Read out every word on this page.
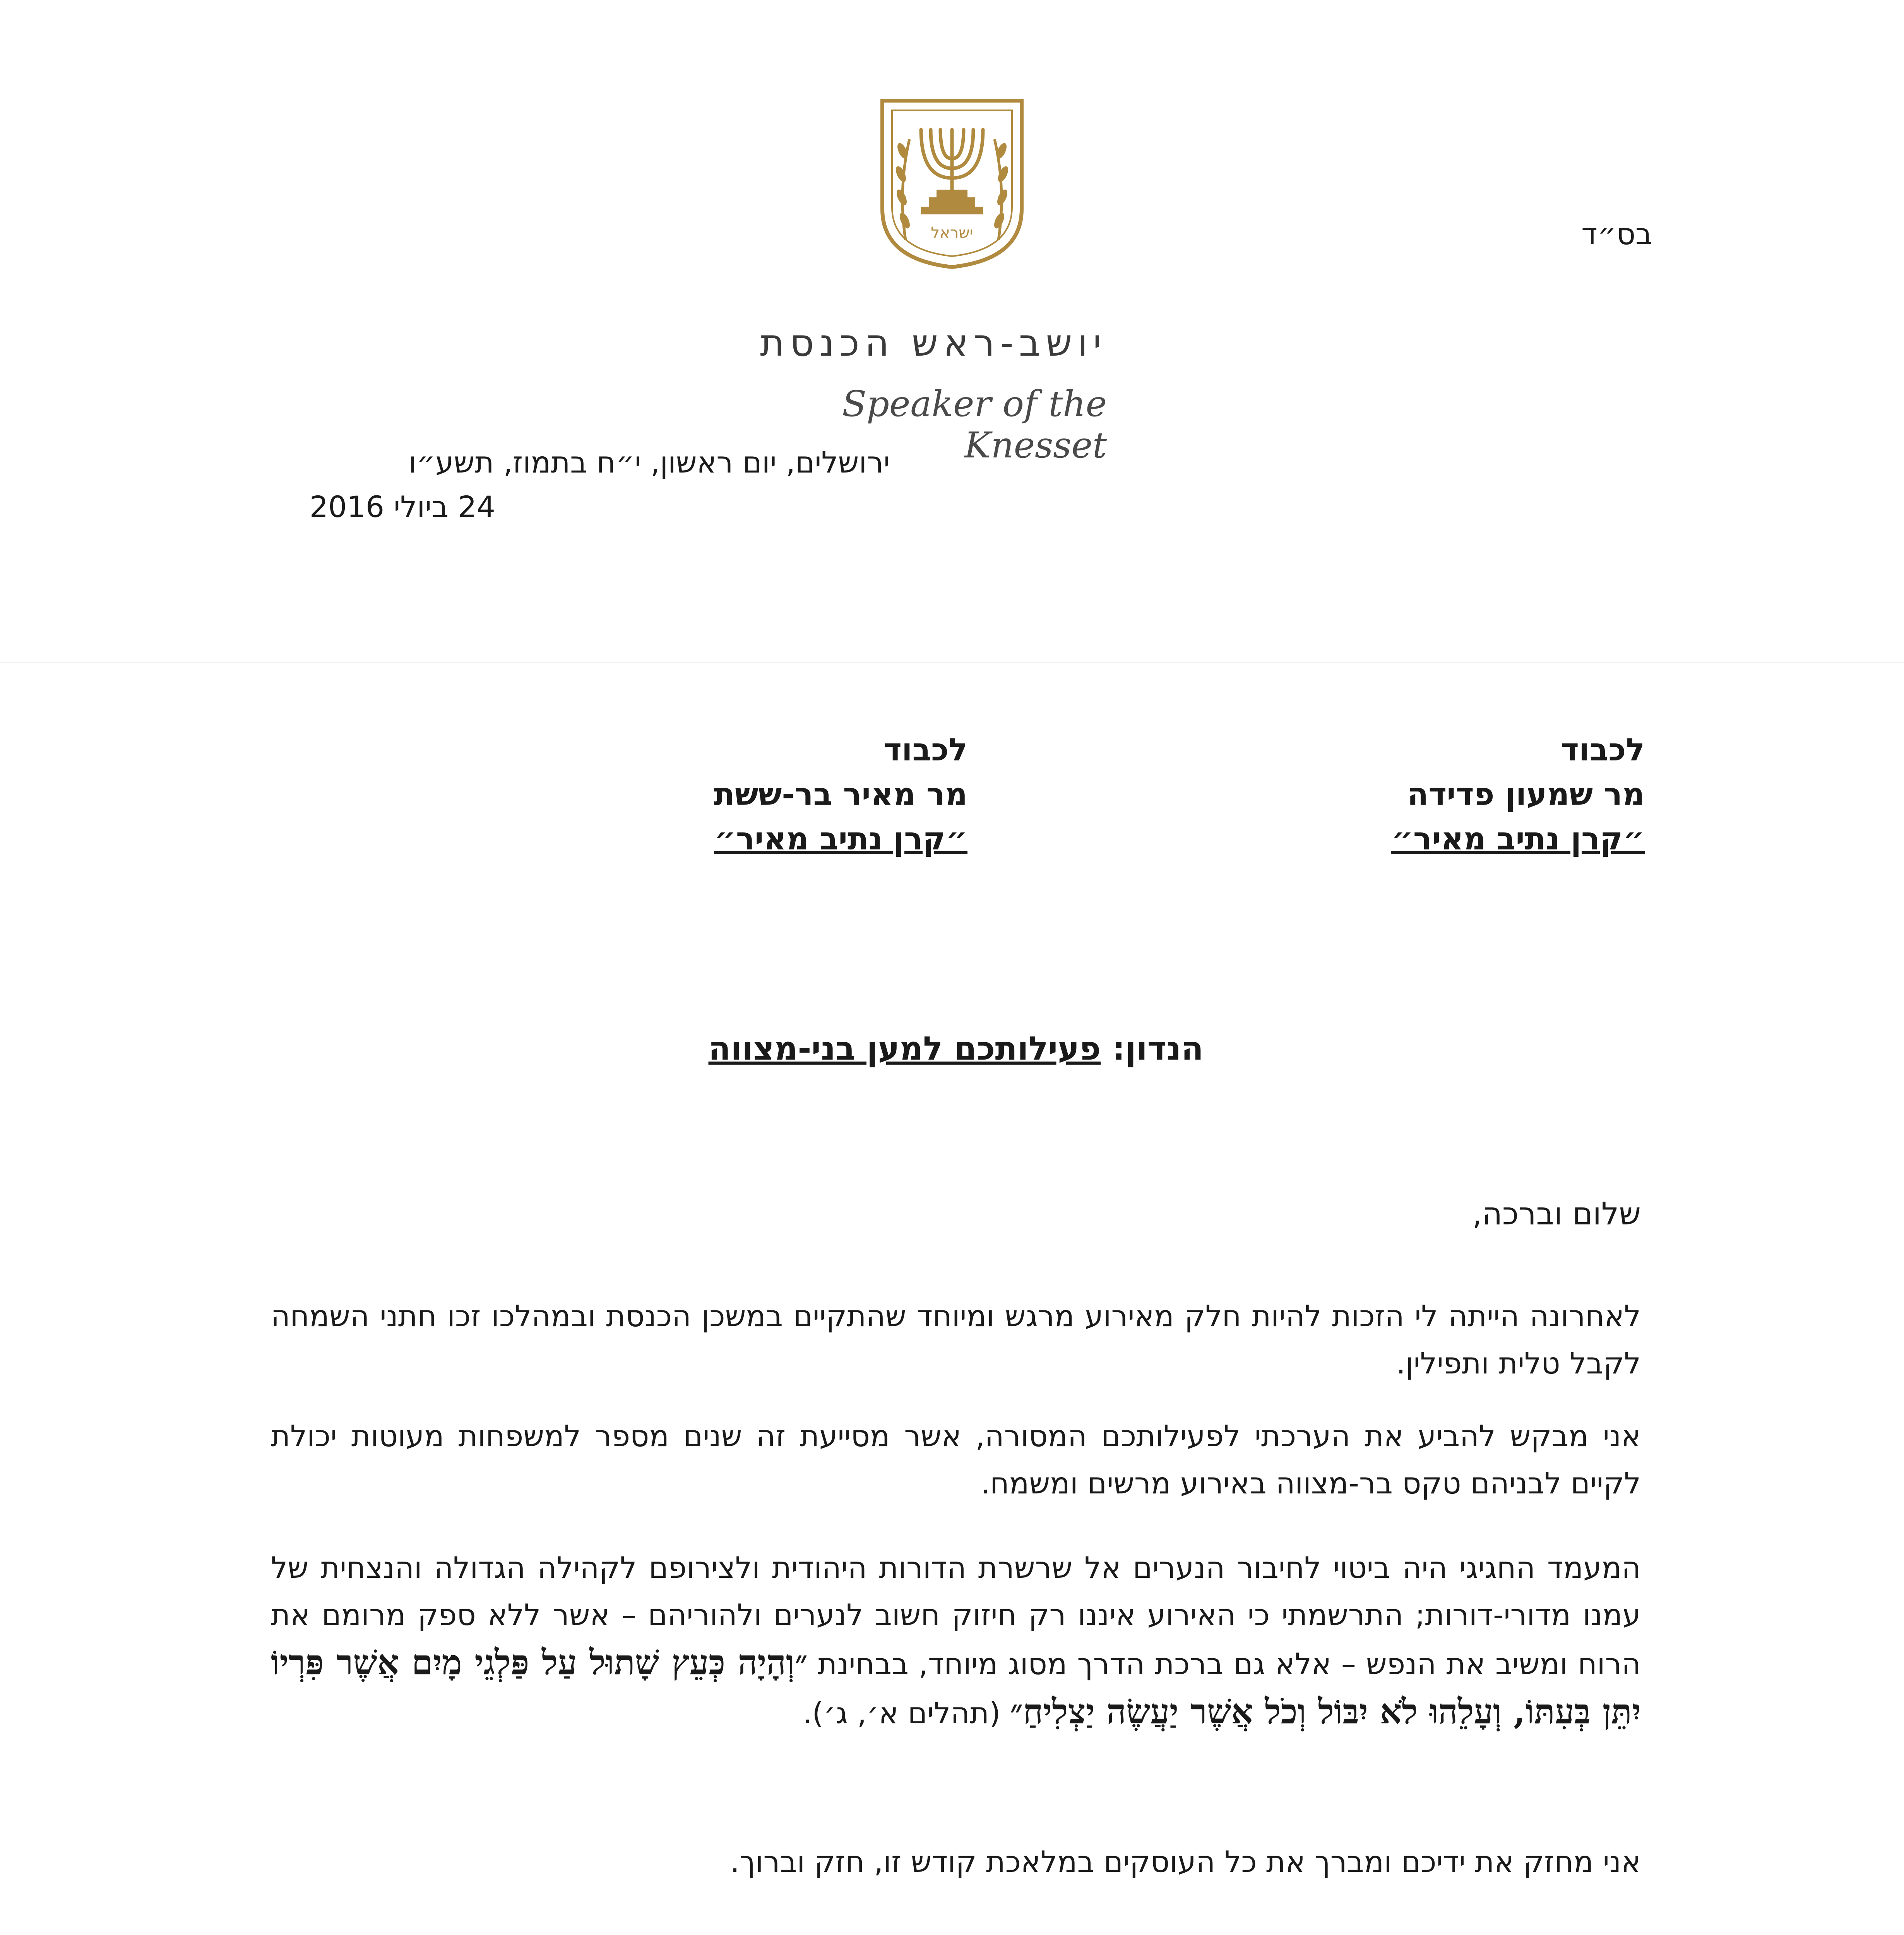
ישראל	בס״ד
יושב-ראש הכנסת
Speaker of the Knesset
ירושלים, יום ראשון, י״ח בתמוז, תשע״ו
24 ביולי 2016
לכבוד
מר שמעון פדידה
״קרן נתיב מאיר״
לכבוד
מר מאיר בר-ששת
״קרן נתיב מאיר״
הנדון: פעילותכם למען בני-מצווה
שלום וברכה,
לאחרונה הייתה לי הזכות להיות חלק מאירוע מרגש ומיוחד שהתקיים במשכן הכנסת ובמהלכו זכו חתני השמחה לקבל טלית ותפילין.
אני מבקש להביע את הערכתי לפעילותכם המסורה, אשר מסייעת זה שנים מספר למשפחות מעוטות יכולת לקיים לבניהם טקס בר-מצווה באירוע מרשים ומשמח.
המעמד החגיגי היה ביטוי לחיבור הנערים אל שרשרת הדורות היהודית ולצירופם לקהילה הגדולה והנצחית של עמנו מדורי-דורות; התרשמתי כי האירוע איננו רק חיזוק חשוב לנערים ולהוריהם – אשר ללא ספק מרומם את הרוח ומשיב את הנפש – אלא גם ברכת הדרך מסוג מיוחד, בבחינת ״וְהָיָה כְּעֵץ שָׁתוּל עַל פַּלְגֵי מָיִם אֲשֶׁר פִּרְיוֹ יִתֵּן בְּעִתּוֹ, וְעָלֵהוּ לֹא יִבּוֹל וְכֹל אֲשֶׁר יַעֲשֶׂה יַצְלִיחַ״ (תהלים א׳, ג׳).
אני מחזק את ידיכם ומברך את כל העוסקים במלאכת קודש זו, חזק וברוך.
